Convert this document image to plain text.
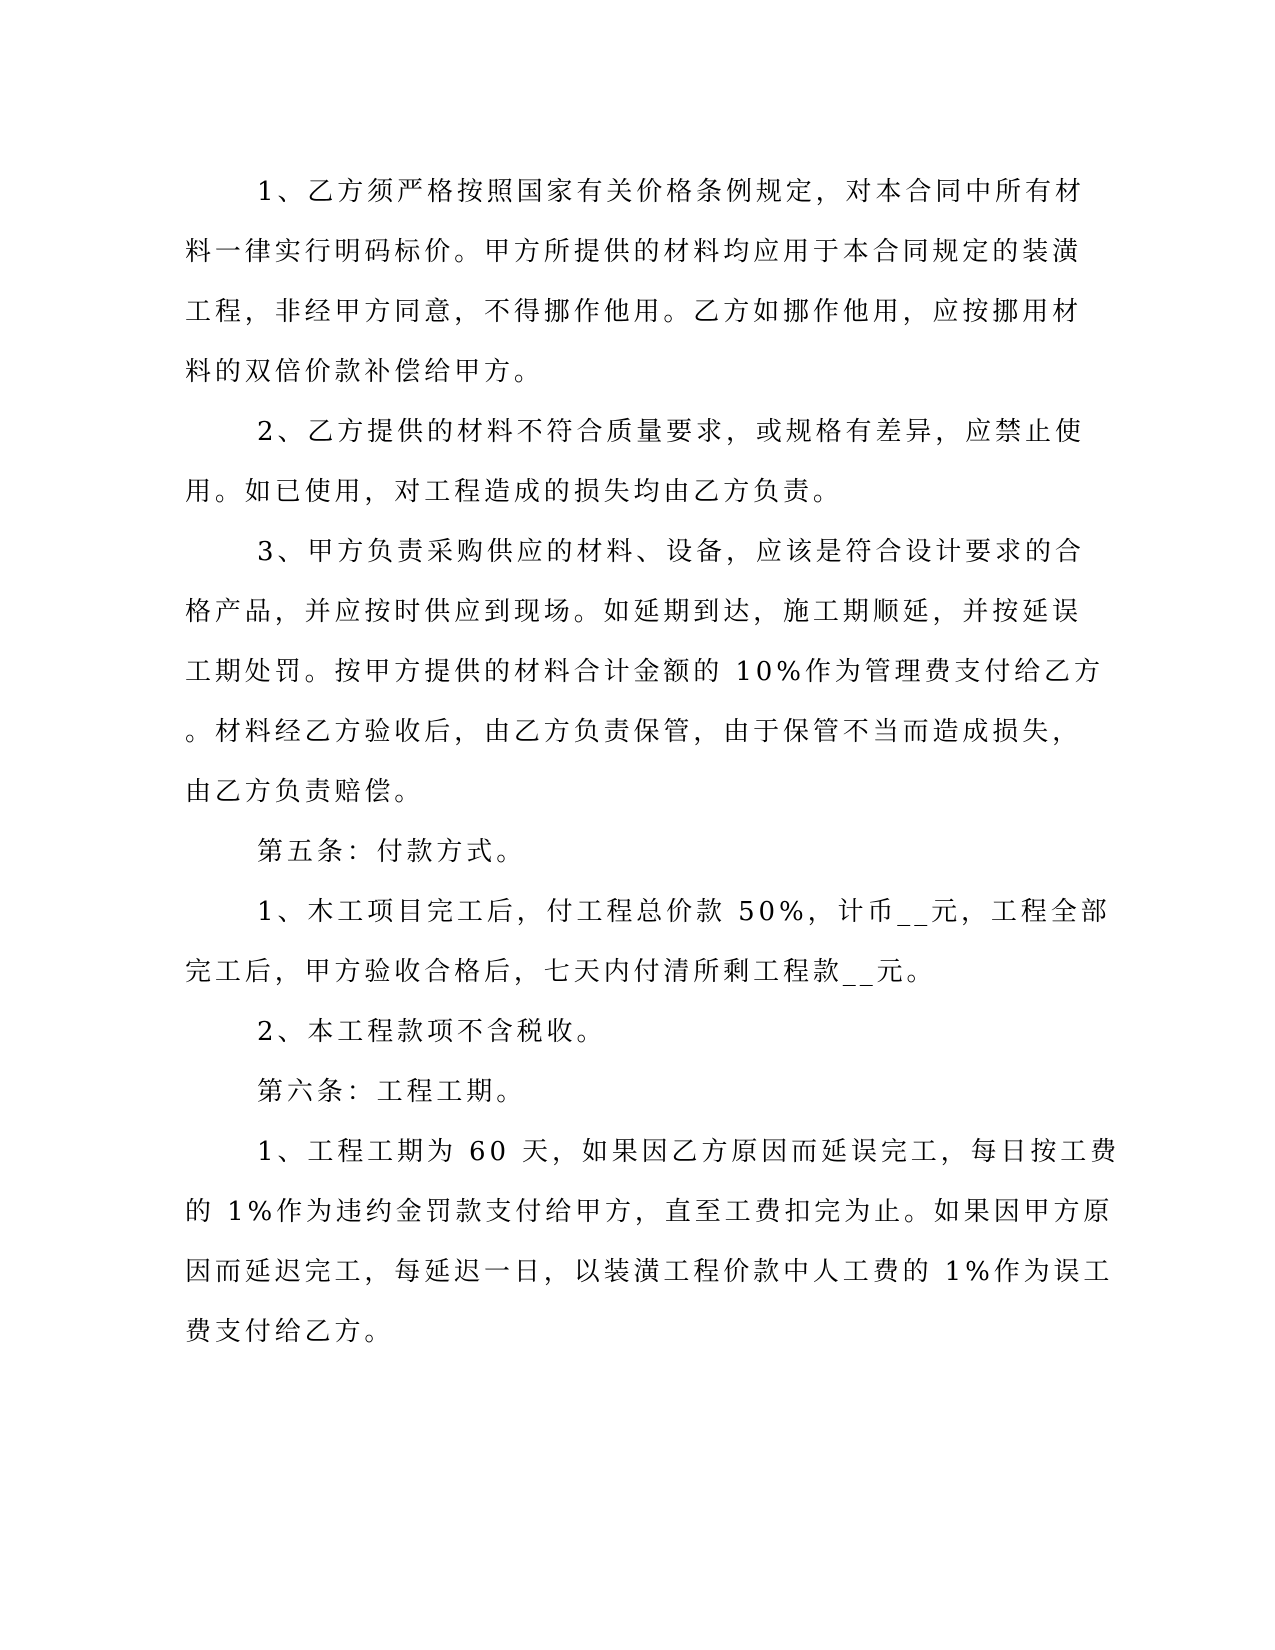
1、乙方须严格按照国家有关价格条例规定，对本合同中所有材
料一律实行明码标价。甲方所提供的材料均应用于本合同规定的装潢
工程，非经甲方同意，不得挪作他用。乙方如挪作他用，应按挪用材
料的双倍价款补偿给甲方。

2、乙方提供的材料不符合质量要求，或规格有差异，应禁止使
用。如已使用，对工程造成的损失均由乙方负责。

3、甲方负责采购供应的材料、设备，应该是符合设计要求的合
格产品，并应按时供应到现场。如延期到达，施工期顺延，并按延误
工期处罚。按甲方提供的材料合计金额的 10%作为管理费支付给乙方
。材料经乙方验收后，由乙方负责保管，由于保管不当而造成损失，
由乙方负责赔偿。

第五条：付款方式。

1、木工项目完工后，付工程总价款 50%，计币__元，工程全部
完工后，甲方验收合格后，七天内付清所剩工程款__元。

2、本工程款项不含税收。

第六条：工程工期。

1、工程工期为 60 天，如果因乙方原因而延误完工，每日按工费
的 1%作为违约金罚款支付给甲方，直至工费扣完为止。如果因甲方原
因而延迟完工，每延迟一日，以装潢工程价款中人工费的 1%作为误工
费支付给乙方。
